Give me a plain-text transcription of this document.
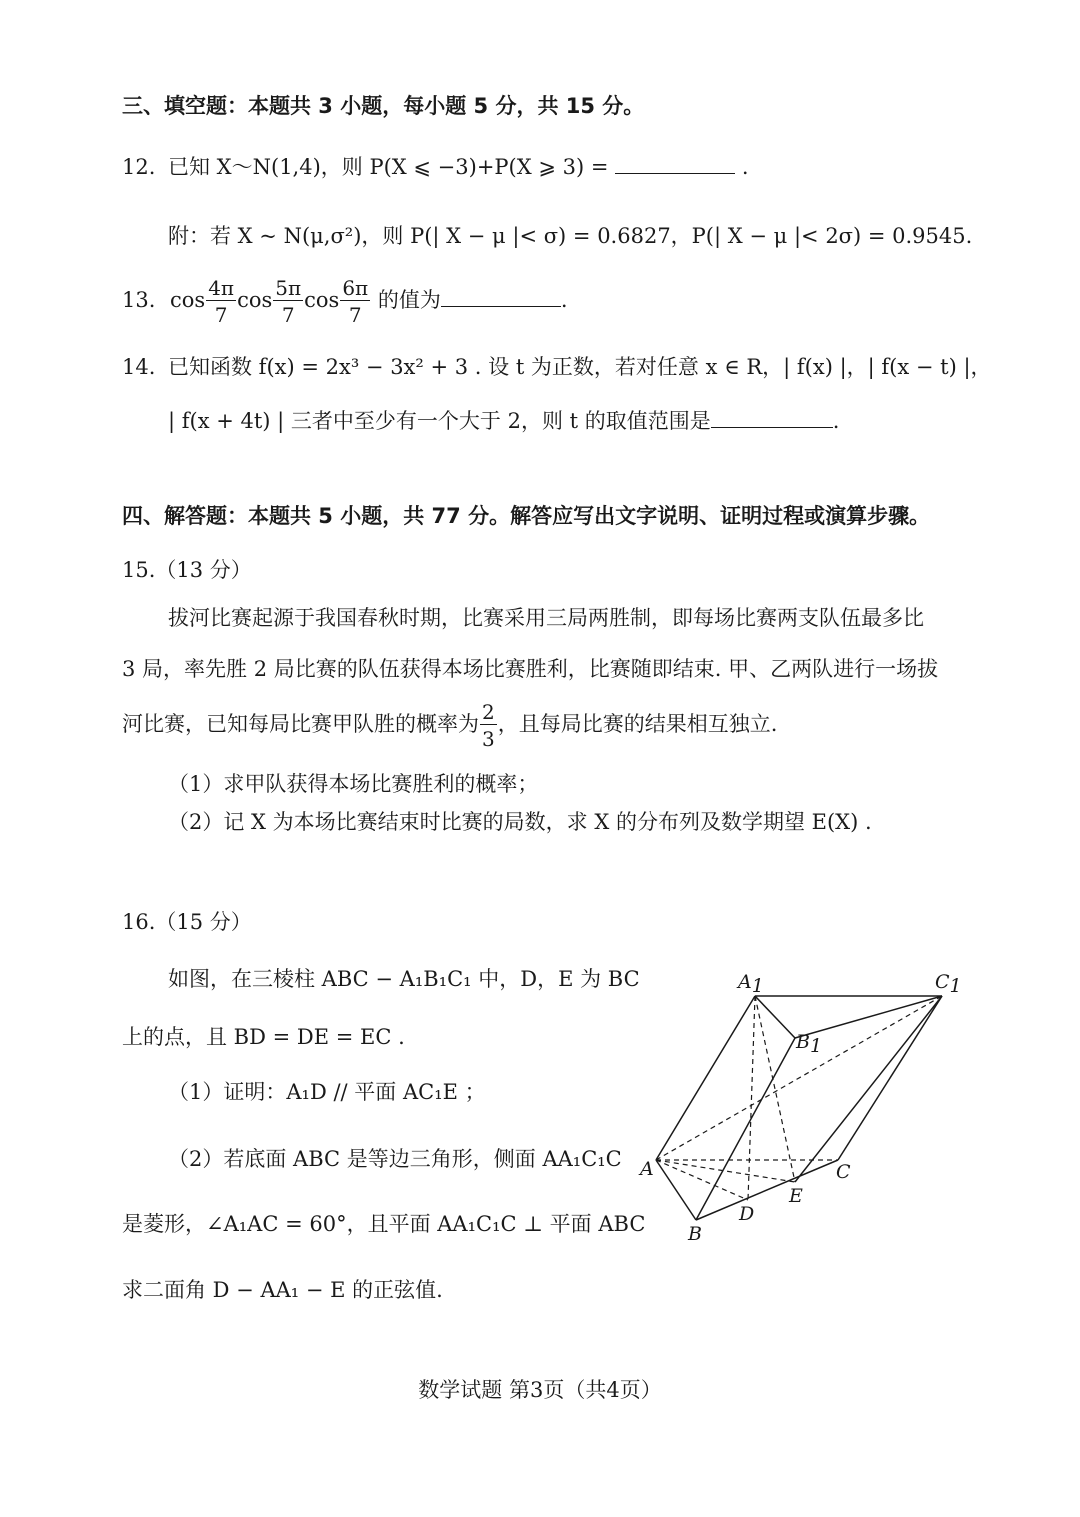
三、填空题：本题共 3 小题，每小题 5 分，共 15 分。
12. 已知 X～N(1,4)，则 P(X ⩽ −3)+P(X ⩾ 3) =	.
附：若 X ~ N(μ,σ²)，则 P(| X − μ |< σ) = 0.6827，P(| X − μ |< 2σ) = 0.9545.
13. $\cos \frac{4\pi}{7}$ $\cos \frac{5\pi}{7}$ $\cos \frac{6\pi}{7}$ 的值为	.
14. 已知函数 f(x) = 2x³ − 3x² + 3 . 设 t 为正数，若对任意 x ∈ R，| f(x) |，| f(x − t) |，
| f(x + 4t) | 三者中至少有一个大于 2，则 t 的取值范围是	.
四、解答题：本题共 5 小题，共 77 分。解答应写出文字说明、证明过程或演算步骤。
15.（13 分）
拔河比赛起源于我国春秋时期，比赛采用三局两胜制，即每场比赛两支队伍最多比
3 局，率先胜 2 局比赛的队伍获得本场比赛胜利，比赛随即结束. 甲、乙两队进行一场拔
河比赛，已知每局比赛甲队胜的概率为 $\frac{2}{3}$ ，且每局比赛的结果相互独立.
（1）求甲队获得本场比赛胜利的概率；
（2）记 X 为本场比赛结束时比赛的局数，求 X 的分布列及数学期望 E(X) .
16.（15 分）
如图，在三棱柱 ABC − A₁B₁C₁ 中，D，E 为 BC
上的点，且 BD = DE = EC .
（1）证明：A₁D // 平面 AC₁E ；
（2）若底面 ABC 是等边三角形，侧面 AA₁C₁C
是菱形，∠A₁AC = 60°，且平面 AA₁C₁C ⊥ 平面 ABC
求二面角 D − AA₁ − E 的正弦值.
A1	C1
B1
A
B
C
D
E
数学试题 第3页（共4页）
